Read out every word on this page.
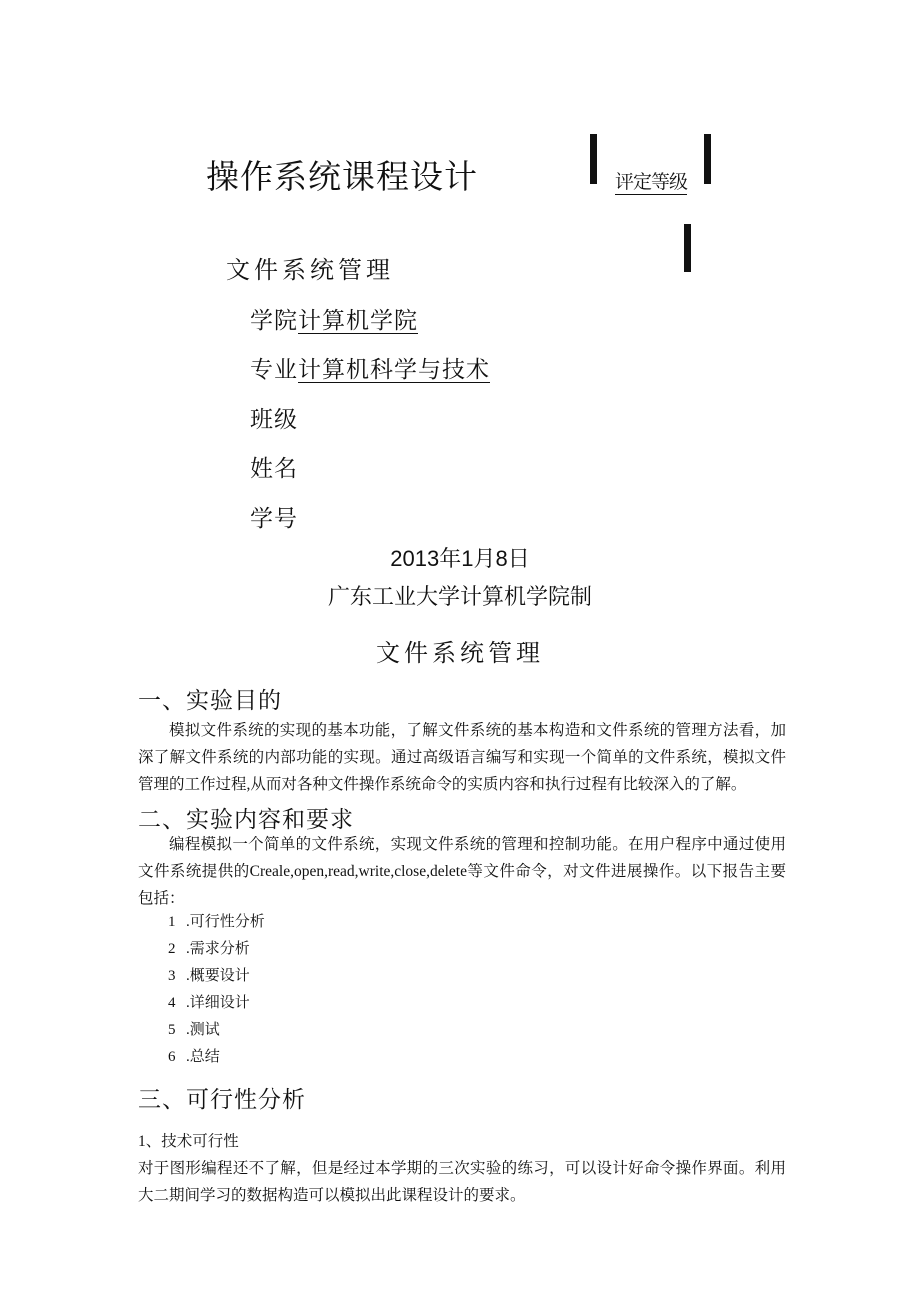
操作系统课程设计	评定等级
文件系统管理
学院计算机学院
专业计算机科学与技术
班级
姓名
学号
2013年1月8日
广东工业大学计算机学院制
文件系统管理
一、实验目的
模拟文件系统的实现的基本功能，了解文件系统的基本构造和文件系统的管理方法看，加深了解文件系统的内部功能的实现。通过高级语言编写和实现一个简单的文件系统，模拟文件管理的工作过程,从而对各种文件操作系统命令的实质内容和执行过程有比较深入的了解。
二、实验内容和要求
编程模拟一个简单的文件系统，实现文件系统的管理和控制功能。在用户程序中通过使用文件系统提供的Creale,open,read,write,close,delete等文件命令，对文件进展操作。以下报告主要包括：
1 .可行性分析
2 .需求分析
3 .概要设计
4 .详细设计
5 .测试
6 .总结
三、可行性分析
1、技术可行性
对于图形编程还不了解，但是经过本学期的三次实验的练习，可以设计好命令操作界面。利用大二期间学习的数据构造可以模拟出此课程设计的要求。
